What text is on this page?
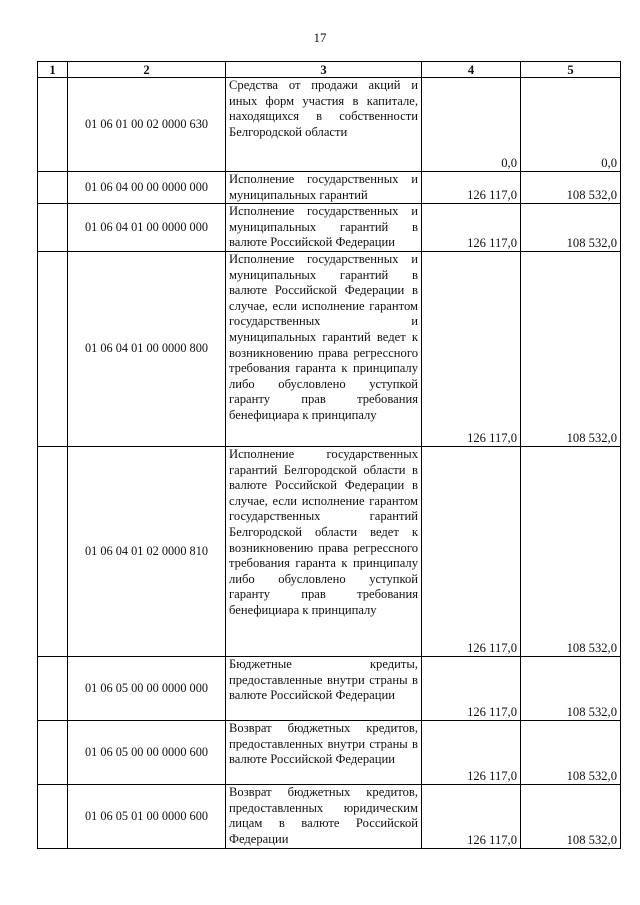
17
1	2	3	4	5
	01 06 01 00 02 0000 630	Средства от продажи акций и иных форм участия в капитале, находящихся в собственности Белгородской области	0,0	0,0
	01 06 04 00 00 0000 000	Исполнение государственных и муниципальных гарантий	126 117,0	108 532,0
	01 06 04 01 00 0000 000	Исполнение государственных и муниципальных гарантий в валюте Российской Федерации	126 117,0	108 532,0
	01 06 04 01 00 0000 800	Исполнение государственных и муниципальных гарантий в валюте Российской Федерации в случае, если исполнение гарантом государственных и муниципальных гарантий ведет к возникновению права регрессного требования гаранта к принципалу либо обусловлено уступкой гаранту прав требования бенефициара к принципалу	126 117,0	108 532,0
	01 06 04 01 02 0000 810	Исполнение государственных гарантий Белгородской области в валюте Российской Федерации в случае, если исполнение гарантом государственных гарантий Белгородской области ведет к возникновению права регрессного требования гаранта к принципалу либо обусловлено уступкой гаранту прав требования бенефициара к принципалу	126 117,0	108 532,0
	01 06 05 00 00 0000 000	Бюджетные кредиты, предоставленные внутри страны в валюте Российской Федерации	126 117,0	108 532,0
	01 06 05 00 00 0000 600	Возврат бюджетных кредитов, предоставленных внутри страны в валюте Российской Федерации	126 117,0	108 532,0
	01 06 05 01 00 0000 600	Возврат бюджетных кредитов, предоставленных юридическим лицам в валюте Российской Федерации	126 117,0	108 532,0
